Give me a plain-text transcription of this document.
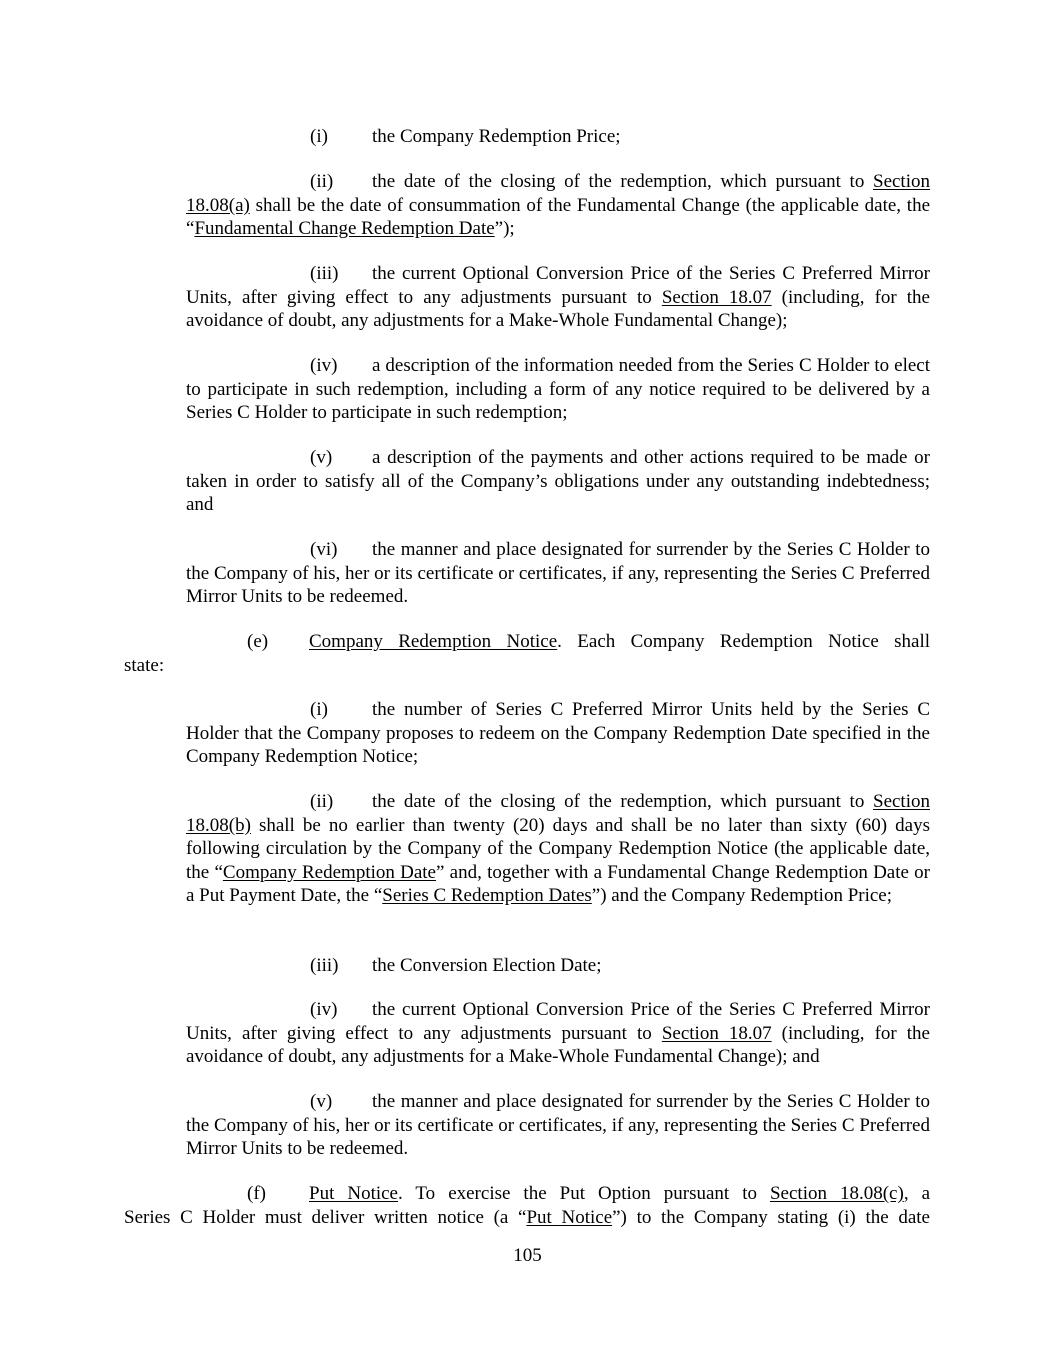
(i) the Company Redemption Price;

(ii) the date of the closing of the redemption, which pursuant to Section 18.08(a) shall be the date of consummation of the Fundamental Change (the applicable date, the “Fundamental Change Redemption Date”);

(iii) the current Optional Conversion Price of the Series C Preferred Mirror Units, after giving effect to any adjustments pursuant to Section 18.07 (including, for the avoidance of doubt, any adjustments for a Make-Whole Fundamental Change);

(iv) a description of the information needed from the Series C Holder to elect to participate in such redemption, including a form of any notice required to be delivered by a Series C Holder to participate in such redemption;

(v) a description of the payments and other actions required to be made or taken in order to satisfy all of the Company’s obligations under any outstanding indebtedness; and

(vi) the manner and place designated for surrender by the Series C Holder to the Company of his, her or its certificate or certificates, if any, representing the Series C Preferred Mirror Units to be redeemed.

(e) Company Redemption Notice. Each Company Redemption Notice shall

state:

(i) the number of Series C Preferred Mirror Units held by the Series C Holder that the Company proposes to redeem on the Company Redemption Date specified in the Company Redemption Notice;

(ii) the date of the closing of the redemption, which pursuant to Section 18.08(b) shall be no earlier than twenty (20) days and shall be no later than sixty (60) days following circulation by the Company of the Company Redemption Notice (the applicable date, the “Company Redemption Date” and, together with a Fundamental Change Redemption Date or a Put Payment Date, the “Series C Redemption Dates”) and the Company Redemption Price;

(iii) the Conversion Election Date;

(iv) the current Optional Conversion Price of the Series C Preferred Mirror Units, after giving effect to any adjustments pursuant to Section 18.07 (including, for the avoidance of doubt, any adjustments for a Make-Whole Fundamental Change); and

(v) the manner and place designated for surrender by the Series C Holder to the Company of his, her or its certificate or certificates, if any, representing the Series C Preferred Mirror Units to be redeemed.

(f) Put Notice. To exercise the Put Option pursuant to Section 18.08(c), a

Series C Holder must deliver written notice (a “Put Notice”) to the Company stating (i) the date

105
